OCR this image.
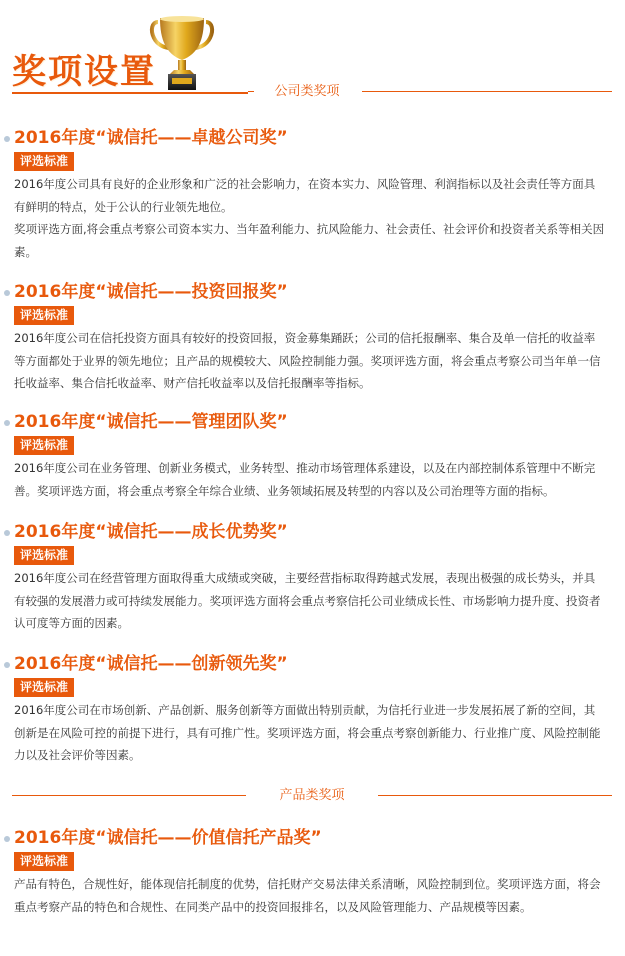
奖项设置	公司类奖项
2016年度“诚信托——卓越公司奖”
评选标准

2016年度公司具有良好的企业形象和广泛的社会影响力，在资本实力、风险管理、利润指标以及社会责任等方面具有鲜明的特点，处于公认的行业领先地位。
奖项评选方面,将会重点考察公司资本实力、当年盈利能力、抗风险能力、社会责任、社会评价和投资者关系等相关因素。

2016年度“诚信托——投资回报奖”
评选标准

2016年度公司在信托投资方面具有较好的投资回报，资金募集踊跃；公司的信托报酬率、集合及单一信托的收益率等方面都处于业界的领先地位；且产品的规模较大、风险控制能力强。奖项评选方面，将会重点考察公司当年单一信托收益率、集合信托收益率、财产信托收益率以及信托报酬率等指标。

2016年度“诚信托——管理团队奖”
评选标准

2016年度公司在业务管理、创新业务模式，业务转型、推动市场管理体系建设，以及在内部控制体系管理中不断完善。奖项评选方面，将会重点考察全年综合业绩、业务领域拓展及转型的内容以及公司治理等方面的指标。

2016年度“诚信托——成长优势奖”
评选标准

2016年度公司在经营管理方面取得重大成绩或突破，主要经营指标取得跨越式发展，表现出极强的成长势头，并具有较强的发展潜力或可持续发展能力。奖项评选方面将会重点考察信托公司业绩成长性、市场影响力提升度、投资者认可度等方面的因素。

2016年度“诚信托——创新领先奖”
评选标准

2016年度公司在市场创新、产品创新、服务创新等方面做出特别贡献，为信托行业进一步发展拓展了新的空间，其创新是在风险可控的前提下进行，具有可推广性。奖项评选方面，将会重点考察创新能力、行业推广度、风险控制能力以及社会评价等因素。

产品类奖项
2016年度“诚信托——价值信托产品奖”
评选标准

产品有特色，合规性好，能体现信托制度的优势，信托财产交易法律关系清晰，风险控制到位。奖项评选方面，将会重点考察产品的特色和合规性、在同类产品中的投资回报排名，以及风险管理能力、产品规模等因素。
